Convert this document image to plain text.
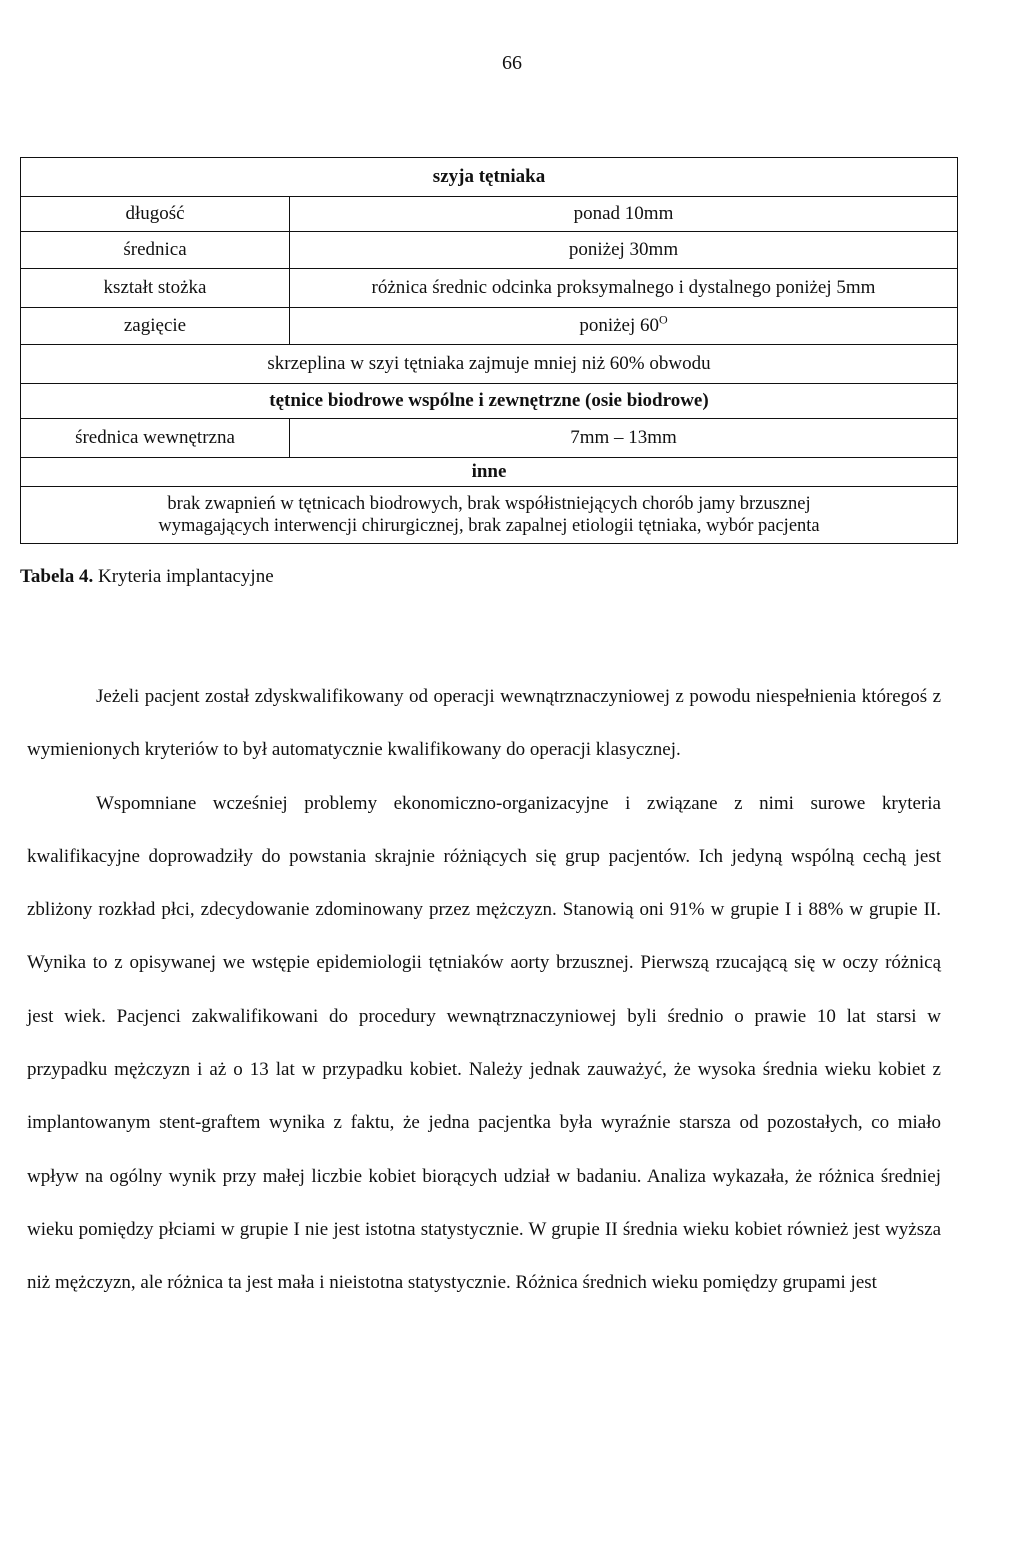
66
szyja tętniaka	
długość	ponad 10mm
średnica	poniżej 30mm
kształt stożka	różnica średnic odcinka proksymalnego i dystalnego poniżej 5mm
zagięcie	poniżej $60^O$
skrzeplina w szyi tętniaka zajmuje mniej niż 60% obwodu	
tętnice biodrowe wspólne i zewnętrzne (osie biodrowe)	
średnica wewnętrzna	7mm – 13mm
inne	

brak zwapnień w tętnicach biodrowych, brak współistniejących chorób jamy brzusznej
wymagających interwencji chirurgicznej, brak zapalnej etiologii tętniaka, wybór pacjenta	
Tabela 4. Kryteria implantacyjne

Jeżeli pacjent został zdyskwalifikowany od operacji wewnątrznaczyniowej z powodu niespełnienia któregoś z wymienionych kryteriów to był automatycznie kwalifikowany do operacji klasycznej.

Wspomniane wcześniej problemy ekonomiczno-organizacyjne i związane z nimi surowe kryteria kwalifikacyjne doprowadziły do powstania skrajnie różniących się grup pacjentów. Ich jedyną wspólną cechą jest zbliżony rozkład płci, zdecydowanie zdominowany przez mężczyzn. Stanowią oni 91% w grupie I i 88% w grupie II. Wynika to z opisywanej we wstępie epidemiologii tętniaków aorty brzusznej. Pierwszą rzucającą się w oczy różnicą jest wiek. Pacjenci zakwalifikowani do procedury wewnątrznaczyniowej byli średnio o prawie 10 lat starsi w przypadku mężczyzn i aż o 13 lat w przypadku kobiet. Należy jednak zauważyć, że wysoka średnia wieku kobiet z implantowanym stent-graftem wynika z faktu, że jedna pacjentka była wyraźnie starsza od pozostałych, co miało wpływ na ogólny wynik przy małej liczbie kobiet biorących udział w badaniu. Analiza wykazała, że różnica średniej wieku pomiędzy płciami w grupie I nie jest istotna statystycznie. W grupie II średnia wieku kobiet również jest wyższa niż mężczyzn, ale różnica ta jest mała i nieistotna statystycznie. Różnica średnich wieku pomiędzy grupami jest
